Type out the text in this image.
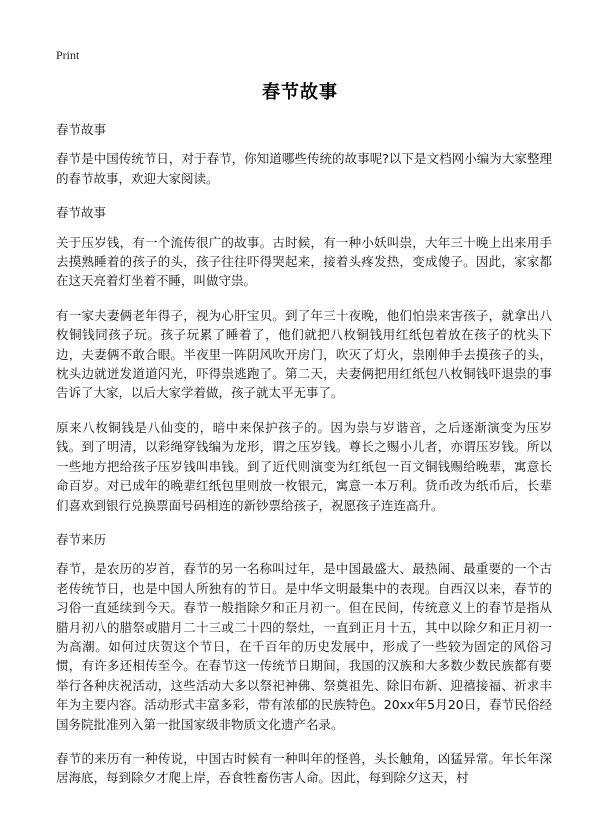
Print
春节故事
春节故事

春节是中国传统节日，对于春节，你知道哪些传统的故事呢?以下是文档网小编为大家整理的春节故事，欢迎大家阅读。

春节故事

关于压岁钱，有一个流传很广的故事。古时候，有一种小妖叫祟，大年三十晚上出来用手去摸熟睡着的孩子的头，孩子往往吓得哭起来，接着头疼发热，变成傻子。因此，家家都在这天亮着灯坐着不睡，叫做守祟。

有一家夫妻俩老年得子，视为心肝宝贝。到了年三十夜晚，他们怕祟来害孩子，就拿出八枚铜钱同孩子玩。孩子玩累了睡着了，他们就把八枚铜钱用红纸包着放在孩子的枕头下边，夫妻俩不敢合眼。半夜里一阵阴风吹开房门，吹灭了灯火，祟刚伸手去摸孩子的头，枕头边就迸发道道闪光，吓得祟逃跑了。第二天，夫妻俩把用红纸包八枚铜钱吓退祟的事告诉了大家，以后大家学着做，孩子就太平无事了。

原来八枚铜钱是八仙变的，暗中来保护孩子的。因为祟与岁谐音，之后逐渐演变为压岁钱。到了明清，以彩绳穿钱编为龙形，谓之压岁钱。尊长之赐小儿者，亦谓压岁钱。所以一些地方把给孩子压岁钱叫串钱。到了近代则演变为红纸包一百文铜钱赐给晚辈，寓意长命百岁。对已成年的晚辈红纸包里则放一枚银元，寓意一本万利。货币改为纸币后，长辈们喜欢到银行兑换票面号码相连的新钞票给孩子，祝愿孩子连连高升。

春节来历

春节，是农历的岁首，春节的另一名称叫过年，是中国最盛大、最热闹、最重要的一个古老传统节日，也是中国人所独有的节日。是中华文明最集中的表现。自西汉以来，春节的习俗一直延续到今天。春节一般指除夕和正月初一。但在民间，传统意义上的春节是指从腊月初八的腊祭或腊月二十三或二十四的祭灶，一直到正月十五，其中以除夕和正月初一为高潮。如何过庆贺这个节日，在千百年的历史发展中，形成了一些较为固定的风俗习惯，有许多还相传至今。在春节这一传统节日期间，我国的汉族和大多数少数民族都有要举行各种庆祝活动，这些活动大多以祭祀神佛、祭奠祖先、除旧布新、迎禧接福、祈求丰年为主要内容。活动形式丰富多彩，带有浓郁的民族特色。20xx年5月20日，春节民俗经国务院批准列入第一批国家级非物质文化遗产名录。

春节的来历有一种传说，中国古时候有一种叫年的怪兽，头长触角，凶猛异常。年长年深居海底，每到除夕才爬上岸，吞食牲畜伤害人命。因此，每到除夕这天，村
